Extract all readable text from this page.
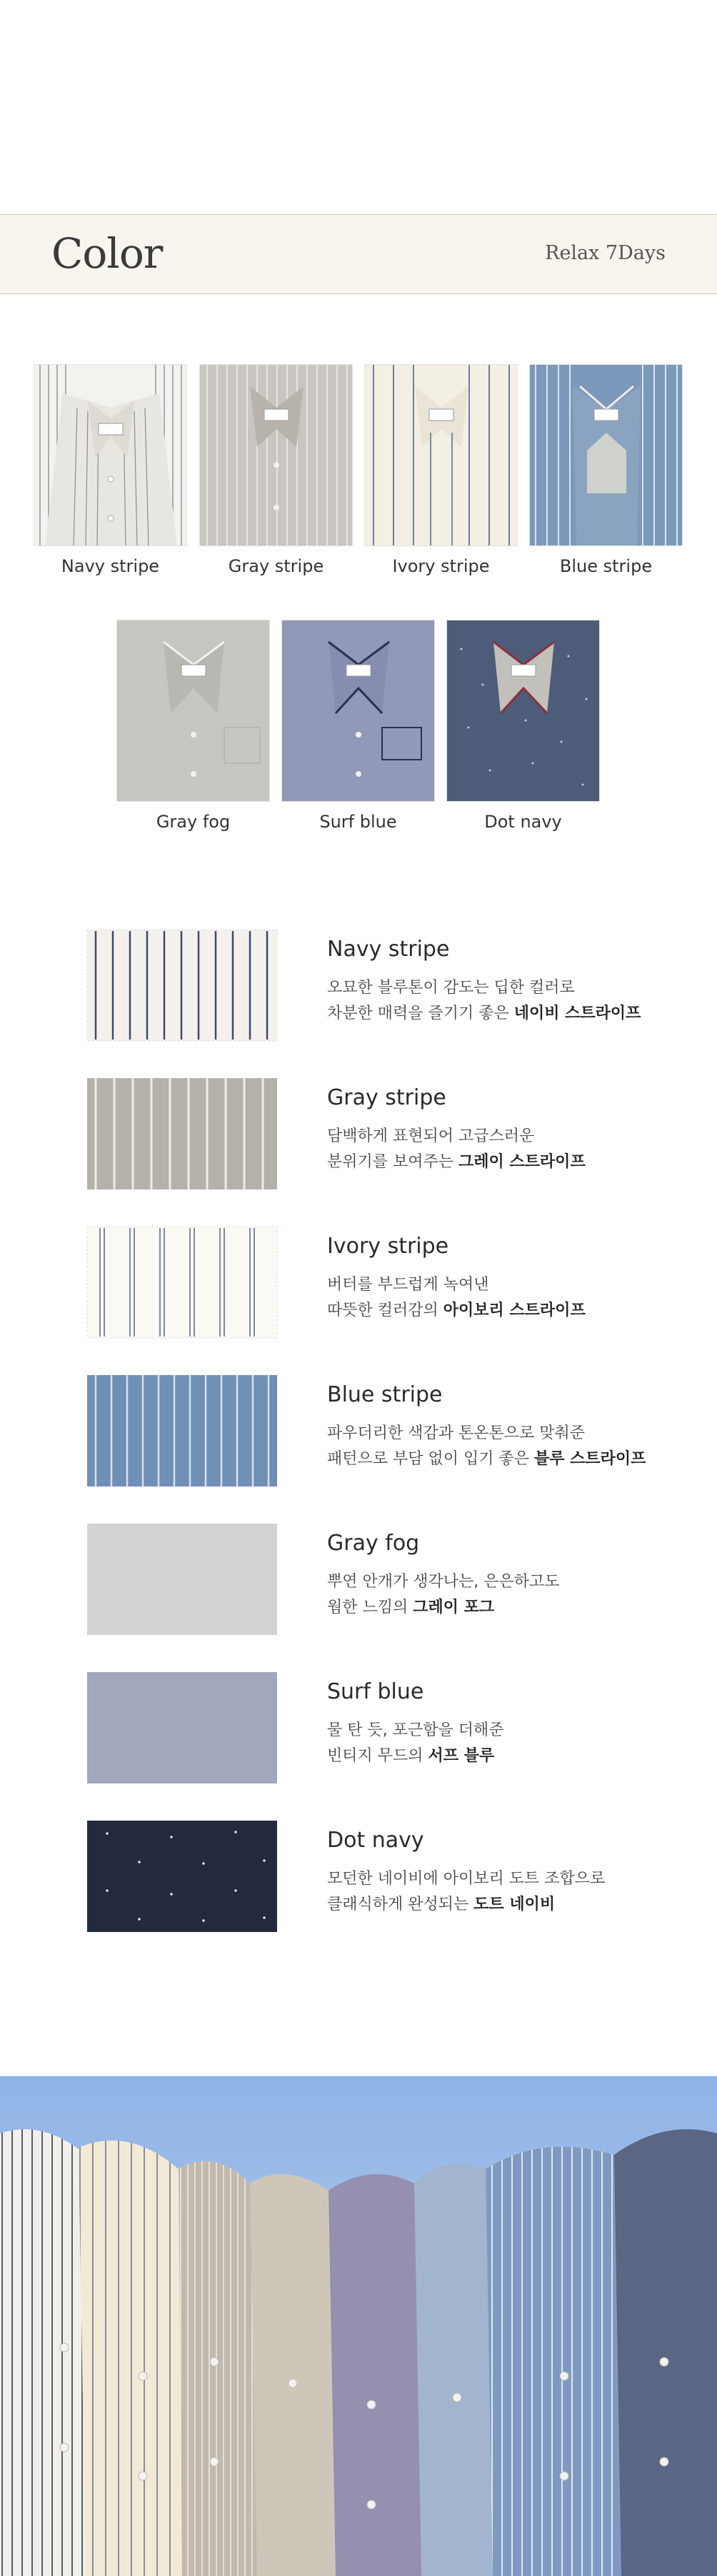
Color	Relax 7Days
Navy stripe	Gray stripe	Ivory stripe	Blue stripe
Gray fog	Surf blue	Dot navy
Navy stripe
오묘한 블루톤이 감도는 딥한 컬러로
차분한 매력을 즐기기 좋은 네이비 스트라이프
Gray stripe
담백하게 표현되어 고급스러운
분위기를 보여주는 그레이 스트라이프
Ivory stripe
버터를 부드럽게 녹여낸
따뜻한 컬러감의 아이보리 스트라이프
Blue stripe
파우더리한 색감과 톤온톤으로 맞춰준
패턴으로 부담 없이 입기 좋은 블루 스트라이프
Gray fog
뿌연 안개가 생각나는, 은은하고도
웜한 느낌의 그레이 포그
Surf blue
물 탄 듯, 포근함을 더해준
빈티지 무드의 서프 블루
Dot navy
모던한 네이비에 아이보리 도트 조합으로
클래식하게 완성되는 도트 네이비
